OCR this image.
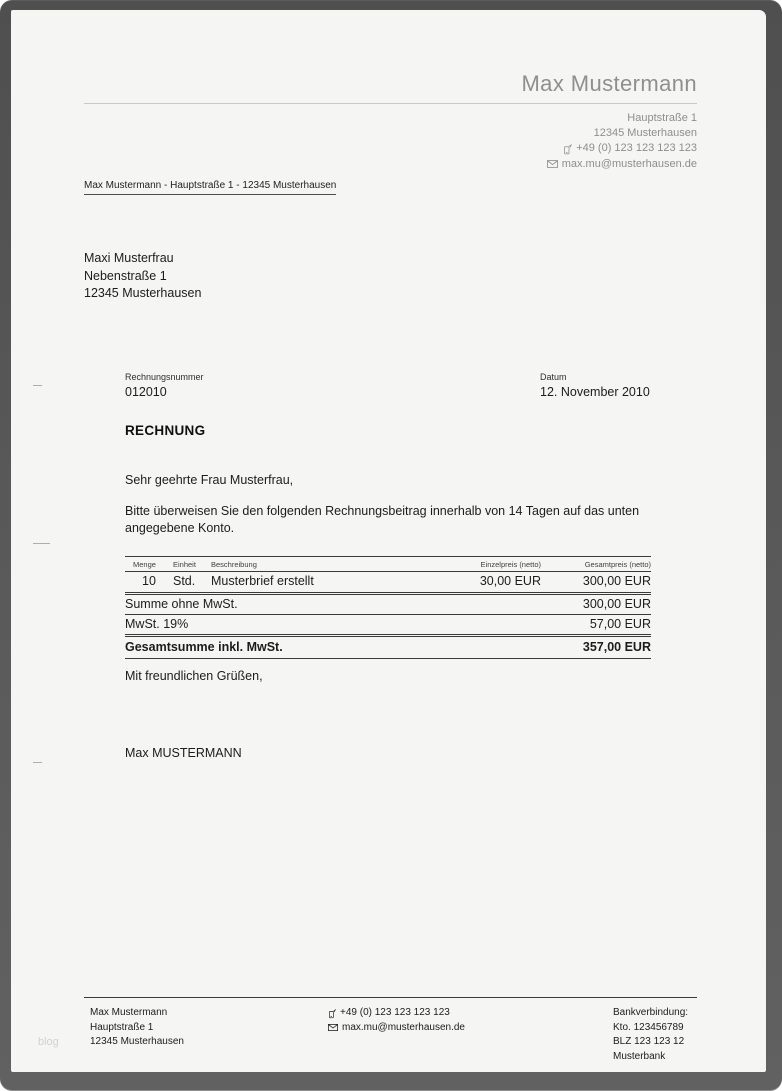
blog
Max Mustermann
Hauptstraße 1
12345 Musterhausen
+49 (0) 123 123 123 123
max.mu@musterhausen.de
Max Mustermann - Hauptstraße 1 - 12345 Musterhausen
Maxi Musterfrau
Nebenstraße 1
12345 Musterhausen
Rechnungsnummer
012010
Datum
12. November 2010
RECHNUNG
Sehr geehrte Frau Musterfrau,
Bitte überweisen Sie den folgenden Rechnungsbeitrag innerhalb von 14 Tagen auf das unten angegebene Konto.
Menge	Einheit	Beschreibung	Einzelpreis (netto)	Gesamtpreis (netto)
10	Std.	Musterbrief erstellt	30,00 EUR	300,00 EUR
Summe ohne MwSt.				300,00 EUR
MwSt. 19%				57,00 EUR
Gesamtsumme inkl. MwSt.				357,00 EUR
Mit freundlichen Grüßen,
Max MUSTERMANN
Max Mustermann
Hauptstraße 1
12345 Musterhausen
+49 (0) 123 123 123 123
max.mu@musterhausen.de
Bankverbindung:
Kto. 123456789
BLZ 123 123 12
Musterbank
